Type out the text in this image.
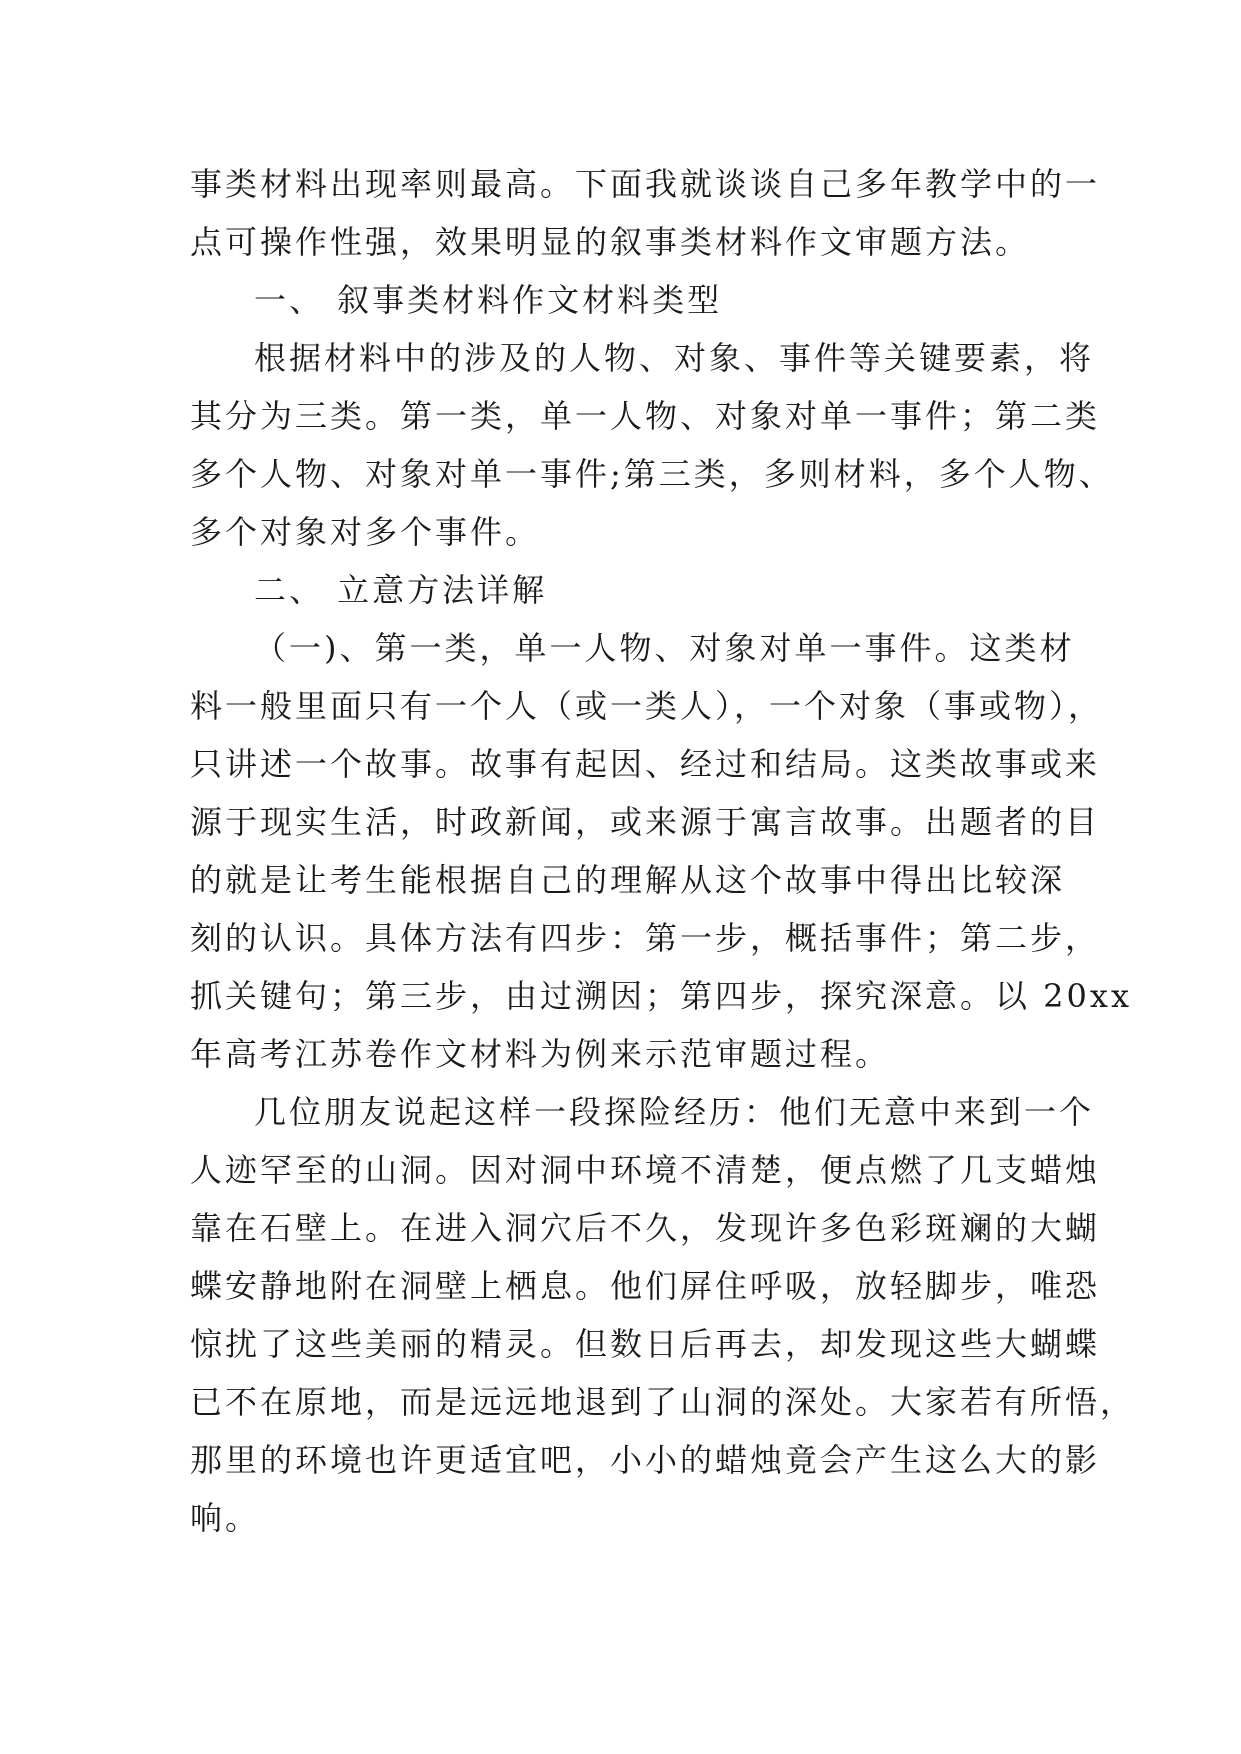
事类材料出现率则最高。下面我就谈谈自己多年教学中的一
点可操作性强，效果明显的叙事类材料作文审题方法。
一、 叙事类材料作文材料类型
根据材料中的涉及的人物、对象、事件等关键要素，将
其分为三类。第一类，单一人物、对象对单一事件；第二类
多个人物、对象对单一事件;第三类，多则材料，多个人物、
多个对象对多个事件。
二、 立意方法详解
（一)、第一类，单一人物、对象对单一事件。这类材
料一般里面只有一个人（或一类人），一个对象（事或物），
只讲述一个故事。故事有起因、经过和结局。这类故事或来
源于现实生活，时政新闻，或来源于寓言故事。出题者的目
的就是让考生能根据自己的理解从这个故事中得出比较深
刻的认识。具体方法有四步：第一步，概括事件；第二步，
抓关键句；第三步，由过溯因；第四步，探究深意。以 20xx
年高考江苏卷作文材料为例来示范审题过程。
几位朋友说起这样一段探险经历：他们无意中来到一个
人迹罕至的山洞。因对洞中环境不清楚，便点燃了几支蜡烛
靠在石壁上。在进入洞穴后不久，发现许多色彩斑斓的大蝴
蝶安静地附在洞壁上栖息。他们屏住呼吸，放轻脚步，唯恐
惊扰了这些美丽的精灵。但数日后再去，却发现这些大蝴蝶
已不在原地，而是远远地退到了山洞的深处。大家若有所悟，
那里的环境也许更适宜吧，小小的蜡烛竟会产生这么大的影
响。
